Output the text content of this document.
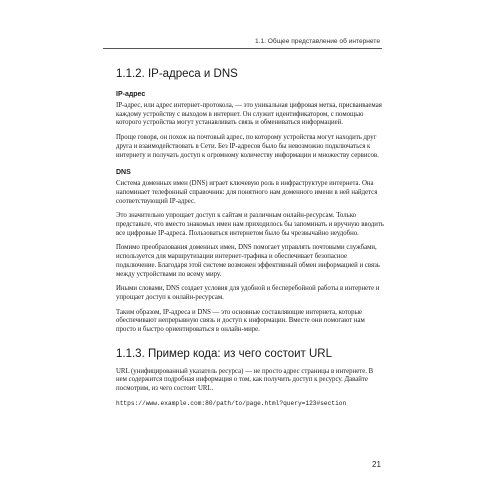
1.1. Общее представление об интернете
1.1.2. IP-адреса и DNS
IP-адрес

IP-адрес, или адрес интернет-протокола, — это уникальная цифровая метка, присваиваемая каждому устройству с выходом в интернет. Он служит идентификатором, с помощью которого устройства могут устанавливать связь и обмениваться информацией.

Проще говоря, он похож на почтовый адрес, по которому устройства могут находить друг друга и взаимодействовать в Сети. Без IP-адресов было бы невозможно подключаться к интернету и получать доступ к огромному количеству информации и множеству сервисов.

DNS

Система доменных имен (DNS) играет ключевую роль в инфраструктуре интернета. Она напоминает телефонный справочник: для понятного нам доменного имени в ней найдется соответствующий IP-адрес.

Это значительно упрощает доступ к сайтам и различным онлайн-ресурсам. Только представьте, что вместо знакомых имен нам приходилось бы запоминать и вручную вводить все цифровые IP-адреса. Пользоваться интернетом было бы чрезвычайно неудобно.

Помимо преобразования доменных имен, DNS помогает управлять почтовыми службами, используется для маршрутизации интернет-трафика и обеспечивает безопасное подключение. Благодаря этой системе возможен эффективный обмен информацией и связь между устройствами по всему миру.

Иными словами, DNS создает условия для удобной и бесперебойной работы в интернете и упрощает доступ к онлайн-ресурсам.

Таким образом, IP-адреса и DNS — это основные составляющие интернета, которые обеспечивают непрерывную связь и доступ к информации. Вместе они помогают нам просто и быстро ориентироваться в онлайн-мире.

1.1.3. Пример кода: из чего состоит URL

URL (унифицированный указатель ресурса) — не просто адрес страницы в интернете. В нем содержится подробная информация о том, как получить доступ к ресурсу. Давайте посмотрим, из чего состоит URL.

https://www.example.com:80/path/to/page.html?query=123#section
21
